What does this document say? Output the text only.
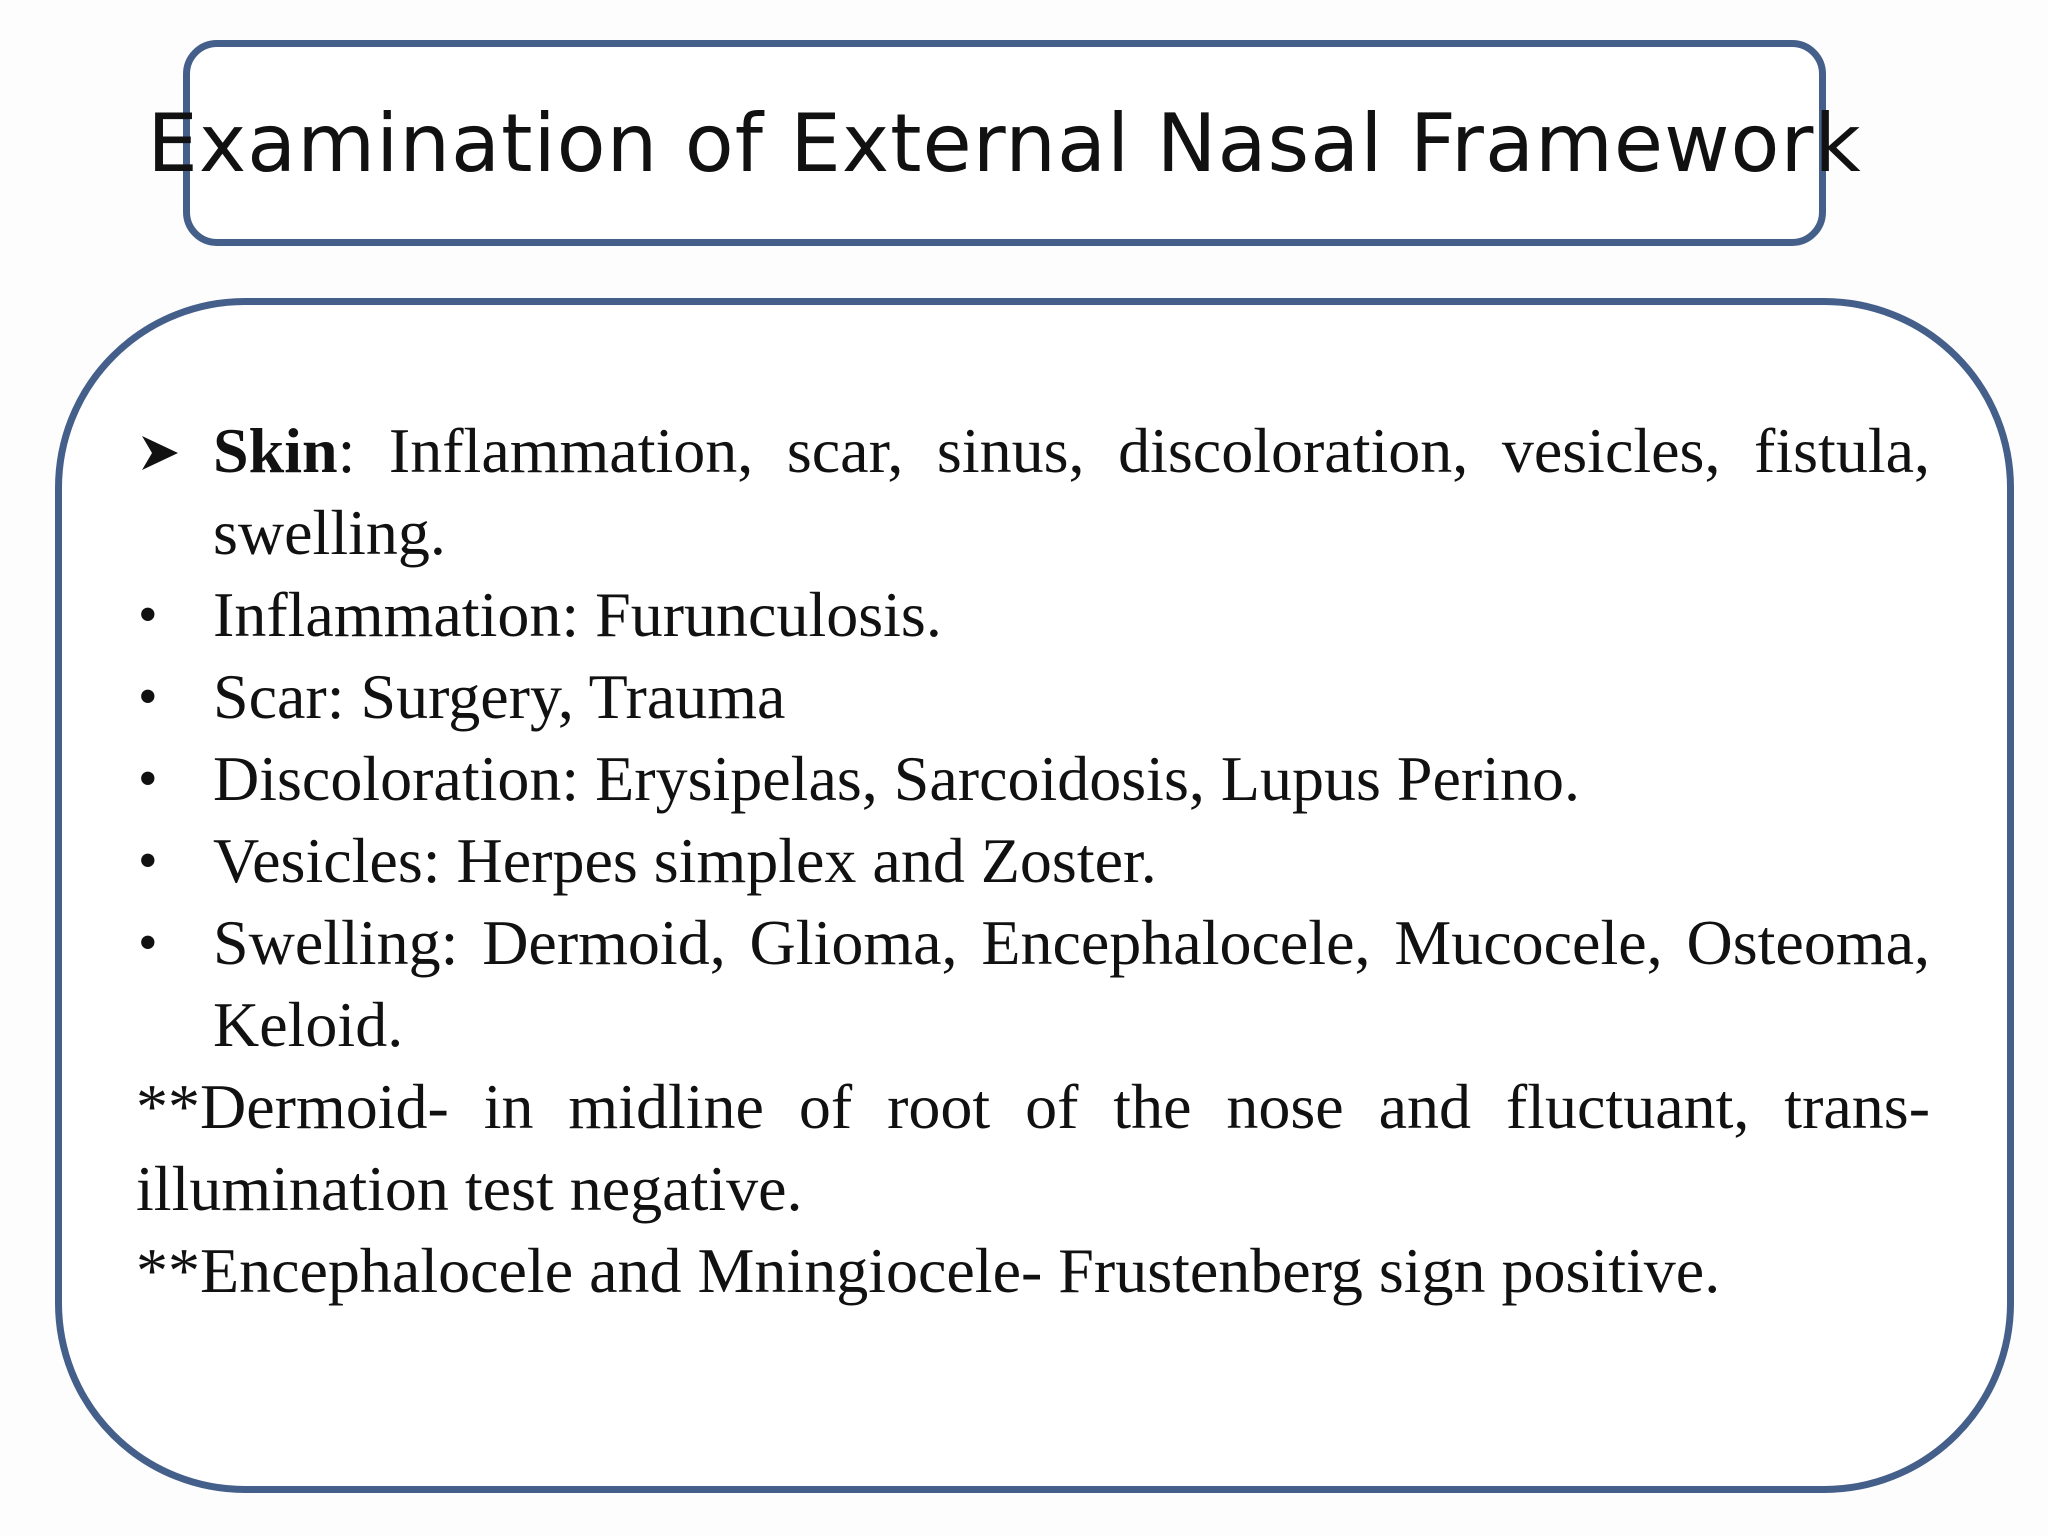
Examination of External Nasal Framework
Skin: Inflammation, scar, sinus, discoloration, vesicles, fistula, swelling.
• Inflammation: Furunculosis.
• Scar: Surgery, Trauma
• Discoloration: Erysipelas, Sarcoidosis, Lupus Perino.
• Vesicles: Herpes simplex and Zoster.
• Swelling: Dermoid, Glioma, Encephalocele, Mucocele, Osteoma, Keloid.
**Dermoid- in midline of root of the nose and fluctuant, trans-illumination test negative.
**Encephalocele and Mningiocele- Frustenberg sign positive.
